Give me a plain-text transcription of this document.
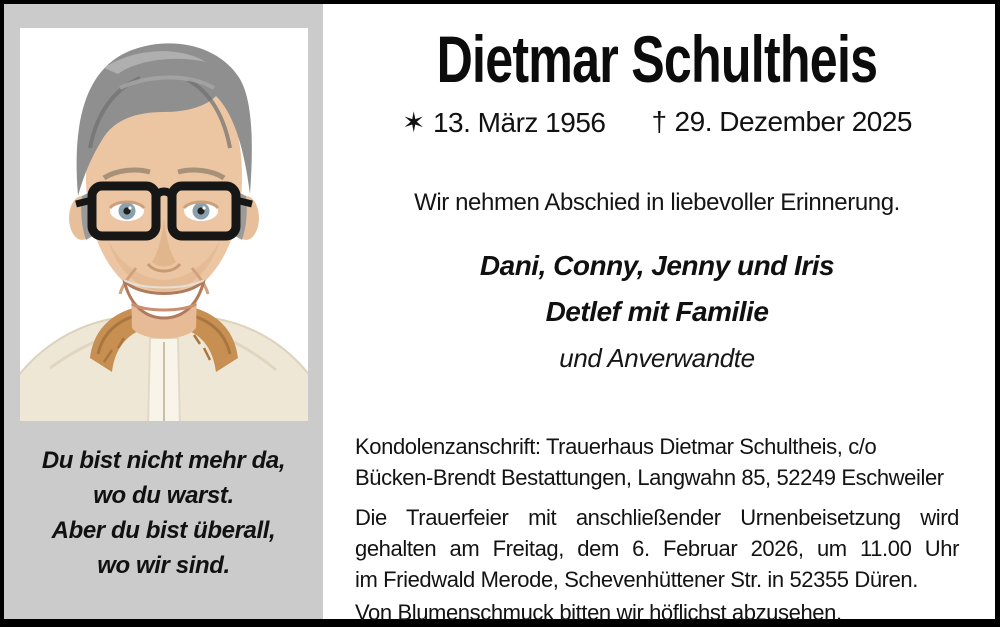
Du bist nicht mehr da,
wo du warst.
Aber du bist überall,
wo wir sind.
Dietmar Schultheis
✶ 13. März 1956 † 29. Dezember 2025

Wir nehmen Abschied in liebevoller Erinnerung.

Dani, Conny, Jenny und Iris
Detlef mit Familie
und Anverwandte
Kondolenzanschrift: Trauerhaus Dietmar Schultheis, c/o
Bücken-Brendt Bestattungen, Langwahn 85, 52249 Eschweiler
Die Trauerfeier mit anschließender Urnenbeisetzung wird
gehalten am Freitag, dem 6. Februar 2026, um 11.00 Uhr
im Friedwald Merode, Schevenhüttener Str. in 52355 Düren.
Von Blumenschmuck bitten wir höflichst abzusehen.
